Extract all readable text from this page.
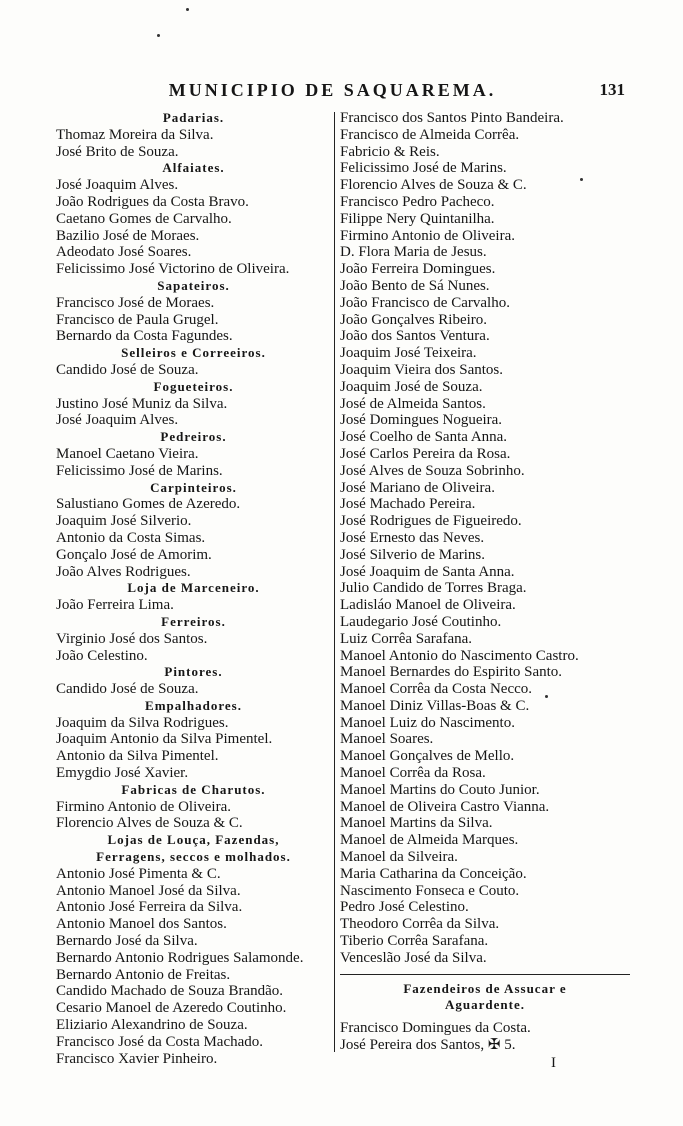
MUNICIPIO DE SAQUAREMA.	131
Padarias.
Thomaz Moreira da Silva.
José Brito de Souza.
Alfaiates.
José Joaquim Alves.
João Rodrigues da Costa Bravo.
Caetano Gomes de Carvalho.
Bazilio José de Moraes.
Adeodato José Soares.
Felicissimo José Victorino de Oliveira.
Sapateiros.
Francisco José de Moraes.
Francisco de Paula Grugel.
Bernardo da Costa Fagundes.
Selleiros e Correeiros.
Candido José de Souza.
Fogueteiros.
Justino José Muniz da Silva.
José Joaquim Alves.
Pedreiros.
Manoel Caetano Vieira.
Felicissimo José de Marins.
Carpinteiros.
Salustiano Gomes de Azeredo.
Joaquim José Silverio.
Antonio da Costa Simas.
Gonçalo José de Amorim.
João Alves Rodrigues.
Loja de Marceneiro.
João Ferreira Lima.
Ferreiros.
Virginio José dos Santos.
João Celestino.
Pintores.
Candido José de Souza.
Empalhadores.
Joaquim da Silva Rodrigues.
Joaquim Antonio da Silva Pimentel.
Antonio da Silva Pimentel.
Emygdio José Xavier.
Fabricas de Charutos.
Firmino Antonio de Oliveira.
Florencio Alves de Souza & C.
Lojas de Louça, Fazendas,
Ferragens, seccos e molhados.
Antonio José Pimenta & C.
Antonio Manoel José da Silva.
Antonio José Ferreira da Silva.
Antonio Manoel dos Santos.
Bernardo José da Silva.
Bernardo Antonio Rodrigues Salamonde.
Bernardo Antonio de Freitas.
Candido Machado de Souza Brandão.
Cesario Manoel de Azeredo Coutinho.
Eliziario Alexandrino de Souza.
Francisco José da Costa Machado.
Francisco Xavier Pinheiro.
Francisco dos Santos Pinto Bandeira.
Francisco de Almeida Corrêa.
Fabricio & Reis.
Felicissimo José de Marins.
Florencio Alves de Souza & C.
Francisco Pedro Pacheco.
Filippe Nery Quintanilha.
Firmino Antonio de Oliveira.
D. Flora Maria de Jesus.
João Ferreira Domingues.
João Bento de Sá Nunes.
João Francisco de Carvalho.
João Gonçalves Ribeiro.
João dos Santos Ventura.
Joaquim José Teixeira.
Joaquim Vieira dos Santos.
Joaquim José de Souza.
José de Almeida Santos.
José Domingues Nogueira.
José Coelho de Santa Anna.
José Carlos Pereira da Rosa.
José Alves de Souza Sobrinho.
José Mariano de Oliveira.
José Machado Pereira.
José Rodrigues de Figueiredo.
José Ernesto das Neves.
José Silverio de Marins.
José Joaquim de Santa Anna.
Julio Candido de Torres Braga.
Ladisláo Manoel de Oliveira.
Laudegario José Coutinho.
Luiz Corrêa Sarafana.
Manoel Antonio do Nascimento Castro.
Manoel Bernardes do Espirito Santo.
Manoel Corrêa da Costa Necco.
Manoel Diniz Villas-Boas & C.
Manoel Luiz do Nascimento.
Manoel Soares.
Manoel Gonçalves de Mello.
Manoel Corrêa da Rosa.
Manoel Martins do Couto Junior.
Manoel de Oliveira Castro Vianna.
Manoel Martins da Silva.
Manoel de Almeida Marques.
Manoel da Silveira.
Maria Catharina da Conceição.
Nascimento Fonseca e Couto.
Pedro José Celestino.
Theodoro Corrêa da Silva.
Tiberio Corrêa Sarafana.
Venceslão José da Silva.
Fazendeiros de Assucar e
Aguardente.
Francisco Domingues da Costa.
José Pereira dos Santos, ✠ 5.
I
